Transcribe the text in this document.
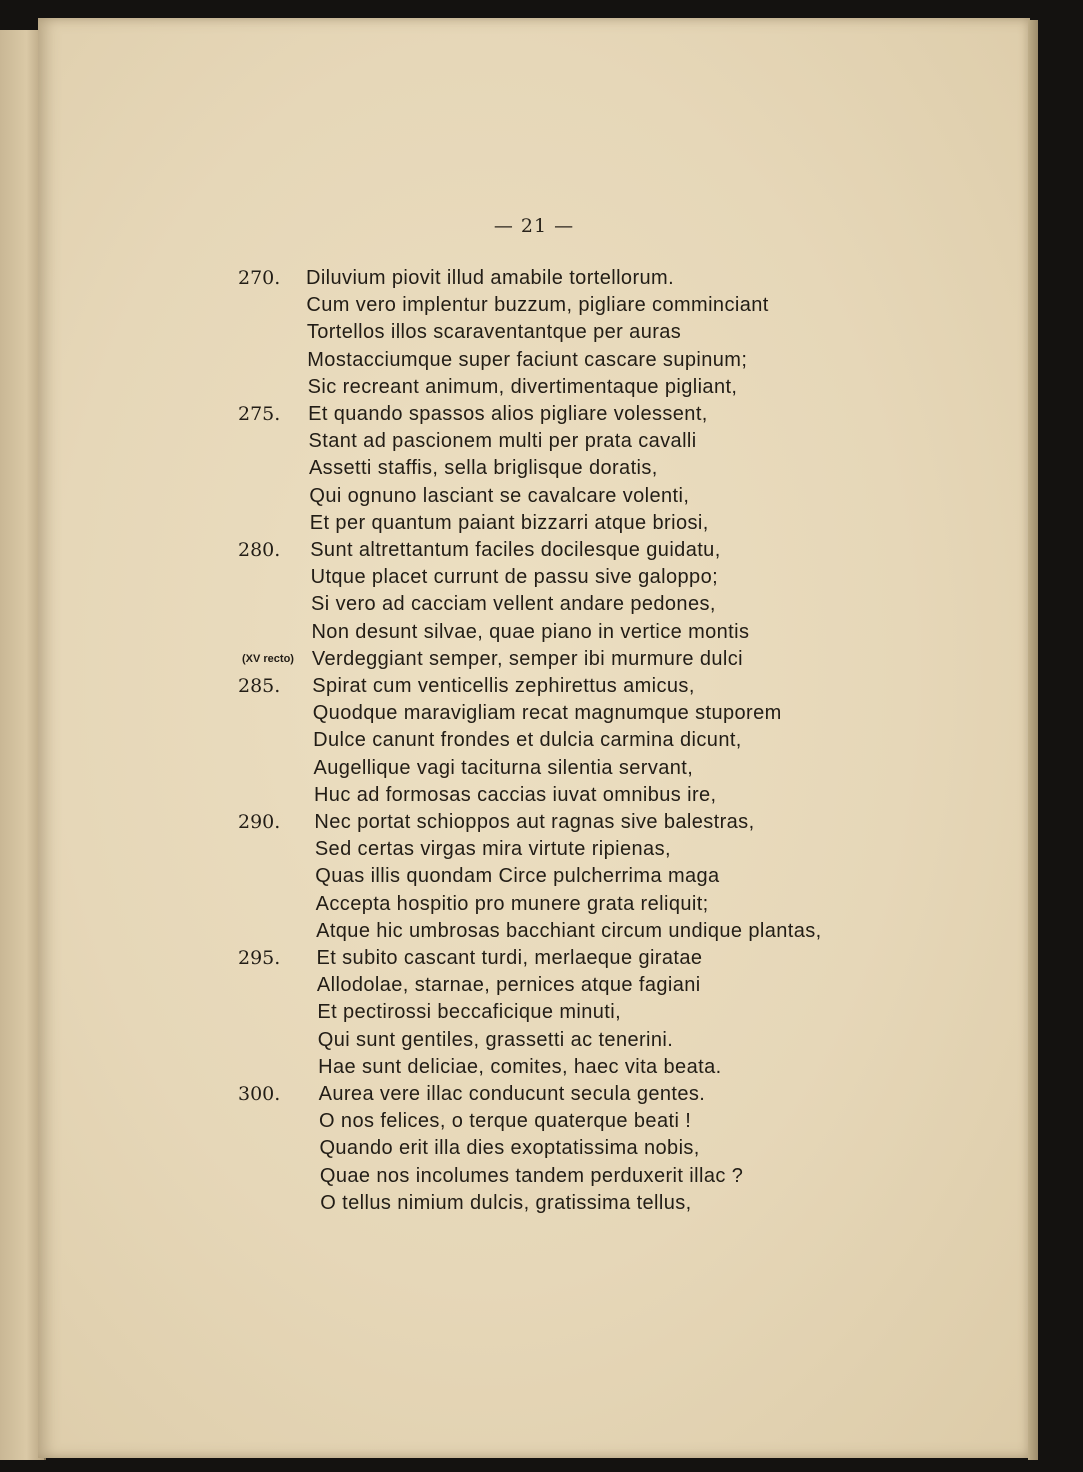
— 21 —
270.	Diluvium piovit illud amabile tortellorum.
Cum vero implentur buzzum, pigliare comminciant
Tortellos illos scaraventantque per auras
Mostacciumque super faciunt cascare supinum;
Sic recreant animum, divertimentaque pigliant,
275.	Et quando spassos alios pigliare volessent,
Stant ad pascionem multi per prata cavalli
Assetti staffis, sella briglisque doratis,
Qui ognuno lasciant se cavalcare volenti,
Et per quantum paiant bizzarri atque briosi,
280.	Sunt altrettantum faciles docilesque guidatu,
Utque placet currunt de passu sive galoppo;
Si vero ad cacciam vellent andare pedones,
Non desunt silvae, quae piano in vertice montis
(XV recto) Verdeggiant semper, semper ibi murmure dulci
285.	Spirat cum venticellis zephirettus amicus,
Quodque maravigliam recat magnumque stuporem
Dulce canunt frondes et dulcia carmina dicunt,
Augellique vagi taciturna silentia servant,
Huc ad formosas caccias iuvat omnibus ire,
290.	Nec portat schioppos aut ragnas sive balestras,
Sed certas virgas mira virtute ripienas,
Quas illis quondam Circe pulcherrima maga
Accepta hospitio pro munere grata reliquit;
Atque hic umbrosas bacchiant circum undique plantas,
295.	Et subito cascant turdi, merlaeque giratae
Allodolae, starnae, pernices atque fagiani
Et pectirossi beccaficique minuti,
Qui sunt gentiles, grassetti ac tenerini.
Hae sunt deliciae, comites, haec vita beata.
300.	Aurea vere illac conducunt secula gentes.
O nos felices, o terque quaterque beati !
Quando erit illa dies exoptatissima nobis,
Quae nos incolumes tandem perduxerit illac ?
O tellus nimium dulcis, gratissima tellus,
